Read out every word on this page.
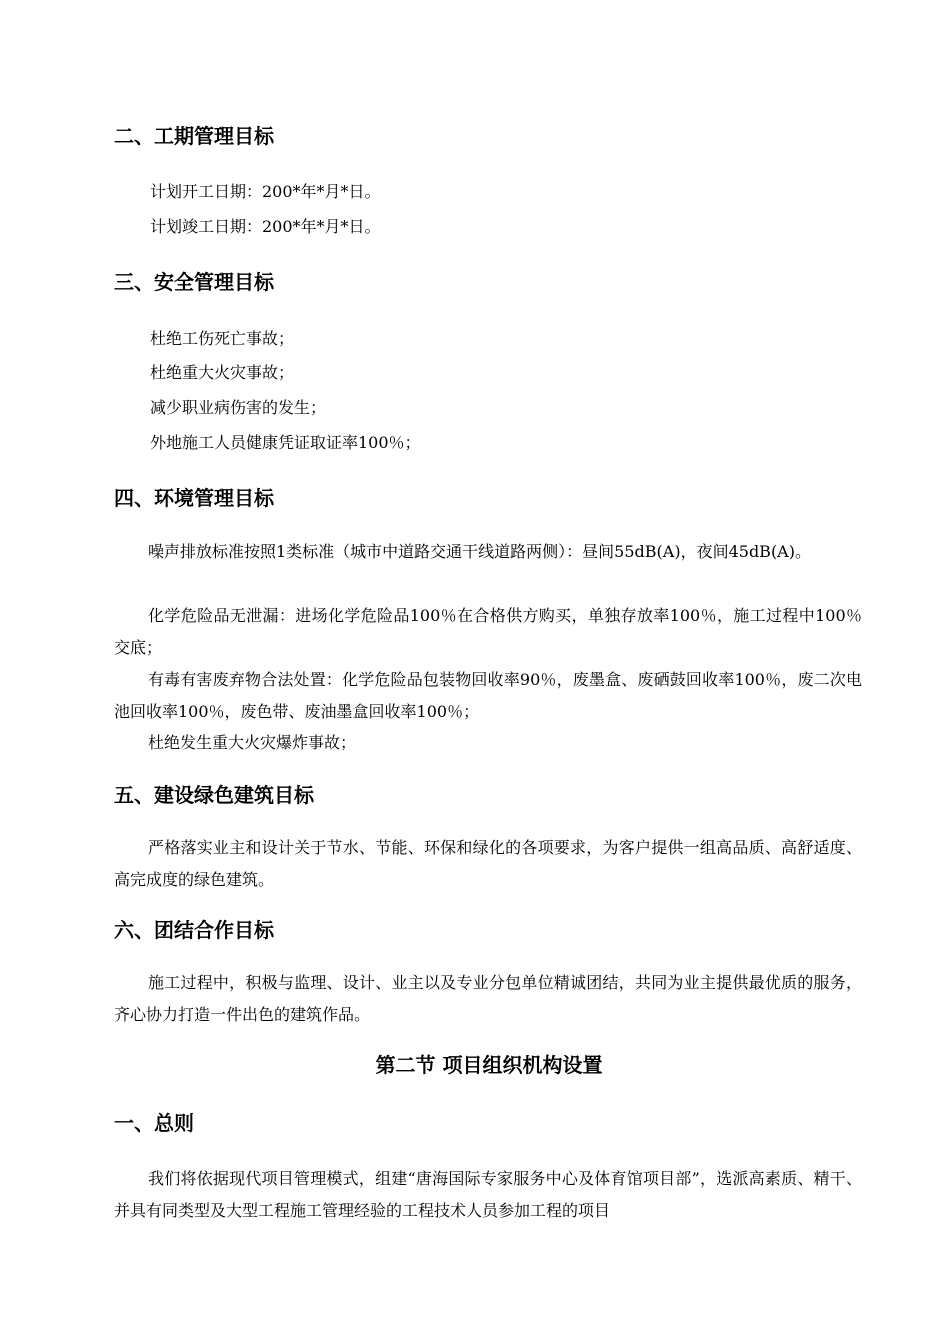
二、工期管理目标
计划开工日期：200*年*月*日。
计划竣工日期：200*年*月*日。
三、安全管理目标
杜绝工伤死亡事故；
杜绝重大火灾事故；
减少职业病伤害的发生；
外地施工人员健康凭证取证率100％；
四、环境管理目标
噪声排放标准按照1类标准（城市中道路交通干线道路两侧）：昼间55dB(A)，夜间45dB(A)。
化学危险品无泄漏：进场化学危险品100％在合格供方购买，单独存放率100％，施工过程中100％交底；
有毒有害废弃物合法处置：化学危险品包装物回收率90％，废墨盒、废硒鼓回收率100％，废二次电池回收率100％，废色带、废油墨盒回收率100％；
杜绝发生重大火灾爆炸事故；
五、建设绿色建筑目标
严格落实业主和设计关于节水、节能、环保和绿化的各项要求，为客户提供一组高品质、高舒适度、高完成度的绿色建筑。
六、团结合作目标
施工过程中，积极与监理、设计、业主以及专业分包单位精诚团结，共同为业主提供最优质的服务，齐心协力打造一件出色的建筑作品。
第二节 项目组织机构设置
一、总则
我们将依据现代项目管理模式，组建“唐海国际专家服务中心及体育馆项目部”，选派高素质、精干、并具有同类型及大型工程施工管理经验的工程技术人员参加工程的项目
